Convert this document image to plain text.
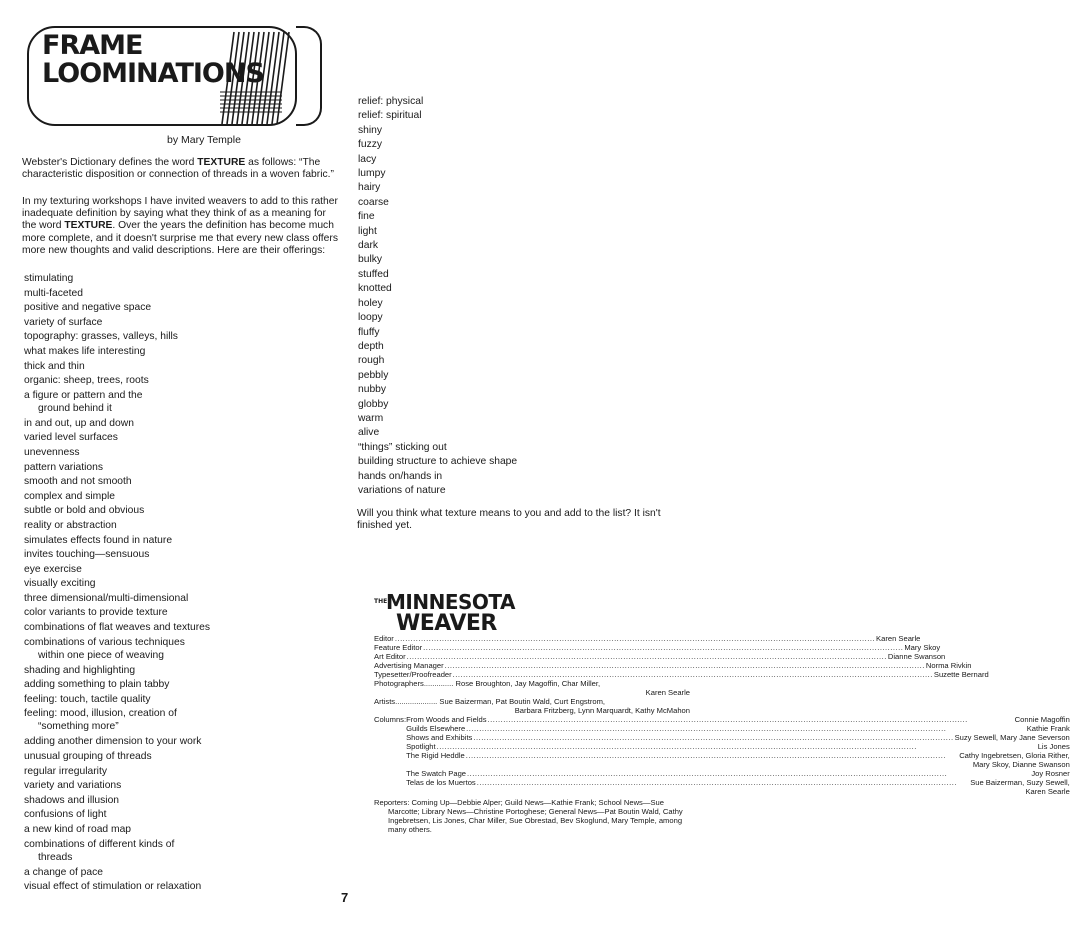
FRAME
LOOMINATIONS
by Mary Temple

Webster's Dictionary defines the word TEXTURE as follows: “The characteristic disposition or connection of threads in a woven fabric.”

In my texturing workshops I have invited weavers to add to this rather inadequate definition by saying what they think of as a meaning for the word TEXTURE. Over the years the definition has become much more complete, and it doesn't surprise me that every new class offers more new thoughts and valid descriptions. Here are their offerings:

stimulating
multi-faceted
positive and negative space
variety of surface
topography: grasses, valleys, hills
what makes life interesting
thick and thin
organic: sheep, trees, roots
a figure or pattern and the
ground behind it
in and out, up and down
varied level surfaces
unevenness
pattern variations
smooth and not smooth
complex and simple
subtle or bold and obvious
reality or abstraction
simulates effects found in nature
invites touching—sensuous
eye exercise
visually exciting
three dimensional/multi-dimensional
color variants to provide texture
combinations of flat weaves and textures
combinations of various techniques
within one piece of weaving
shading and highlighting
adding something to plain tabby
feeling: touch, tactile quality
feeling: mood, illusion, creation of
“something more”
adding another dimension to your work
unusual grouping of threads
regular irregularity
variety and variations
shadows and illusion
confusions of light
a new kind of road map
combinations of different kinds of
threads
a change of pace
visual effect of stimulation or relaxation
relief: physical
relief: spiritual
shiny
fuzzy
lacy
lumpy
hairy
coarse
fine
light
dark
bulky
stuffed
knotted
holey
loopy
fluffy
depth
rough
pebbly
nubby
globby
warm
alive
“things” sticking out
building structure to achieve shape
hands on/hands in
variations of nature

Will you think what texture means to you and add to the list? It isn't finished yet.

THEMINNESOTA
WEAVER
Editor .....	Karen Searle
Feature Editor .....	Mary Skoy
Art Editor .....	Dianne Swanson
Advertising Manager .....	Norma Rivkin
Typesetter/Proofreader .....	Suzette Bernard
Photographers.............. Rose Broughton, Jay Magoffin, Char Miller,
Karen Searle
Artists.................... Sue Baizerman, Pat Boutin Wald, Curt Engstrom,
Barbara Fritzberg, Lynn Marquardt, Kathy McMahon
Columns: From Woods and Fields .....	Connie Magoffin
Guilds Elsewhere .....	Kathie Frank
Shows and Exhibits .....	Suzy Sewell, Mary Jane Severson
Spotlight .....	Lis Jones
The Rigid Heddle .....	Cathy Ingebretsen, Gloria Rither,
Mary Skoy, Dianne Swanson
The Swatch Page .....	Joy Rosner
Telas de los Muertos .....	Sue Baizerman, Suzy Sewell,
Karen Searle
Reporters: Coming Up—Debbie Alper; Guild News—Kathie Frank; School News—Sue Marcotte; Library News—Christine Portoghese; General News—Pat Boutin Wald, Cathy Ingebretsen, Lis Jones, Char Miller, Sue Obrestad, Bev Skoglund, Mary Temple, among many others.
7
